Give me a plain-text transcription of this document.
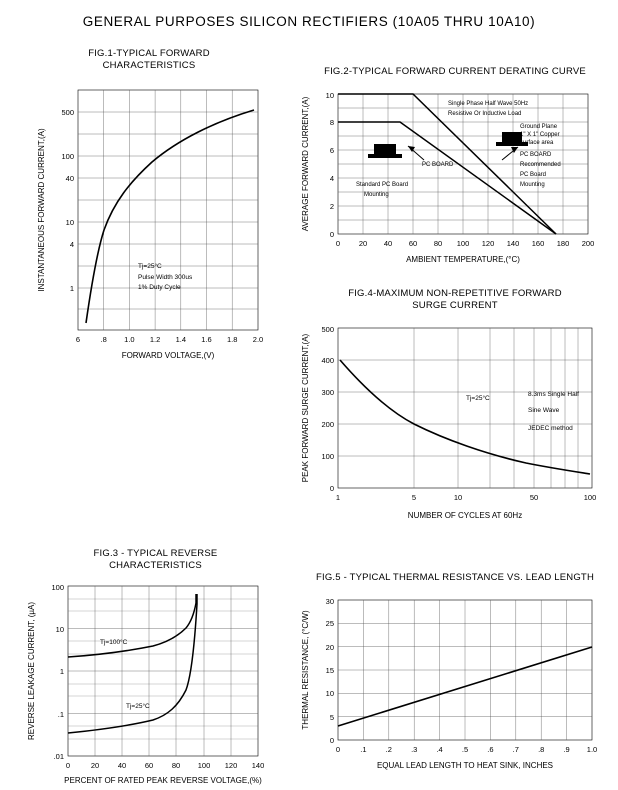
GENERAL PURPOSES SILICON RECTIFIERS (10A05 THRU 10A10)
FIG.1-TYPICAL FORWARD
CHARACTERISTICS
500
100
40
10
4
1
6	.8 1.0 1.2 1.4 1.6 1.8 2.0
Tj=25°C
Pulse Width 300us
1% Duty Cycle
FORWARD VOLTAGE,(V)
INSTANTANEOUS FORWARD CURRENT,(A)
FIG.2-TYPICAL FORWARD CURRENT DERATING CURVE
Single Phase Half Wave 50Hz
Resistive Or Inductive Load
Ground Plane
1" X 1" Copper
surface area
PC BOARD
Recommended
PC Board
Mounting
PC BOARD
Standard PC Board
Mounting
0
2
4
6
8
10
0 20 40 60 80 100 120 140 160 180 200
AMBIENT TEMPERATURE,(°C)
AVERAGE FORWARD CURRENT,(A)
FIG.4-MAXIMUM NON-REPETITIVE FORWARD
SURGE CURRENT
Tj=25°C
8.3ms Single Half
Sine Wave
JEDEC method
0
100
200
300
400
500
1	5	10	50	100
NUMBER OF CYCLES AT 60Hz
PEAK FORWARD SURGE CURRENT,(A)
FIG.3 - TYPICAL REVERSE
CHARACTERISTICS
Tj=100°C
Tj=25°C
100
10
1
.1
.01
0	20 40 60 80 100 120 140
PERCENT OF RATED PEAK REVERSE VOLTAGE,(%)
REVERSE LEAKAGE CURRENT, (µA)
FIG.5 - TYPICAL THERMAL RESISTANCE VS. LEAD LENGTH
0
5
10
15
20
25
30
0	.1	.2	.3	.4	.5	.6	.7	.8	.9 1.0
EQUAL LEAD LENGTH TO HEAT SINK, INCHES
THERMAL RESISTANCE, (°C/W)
